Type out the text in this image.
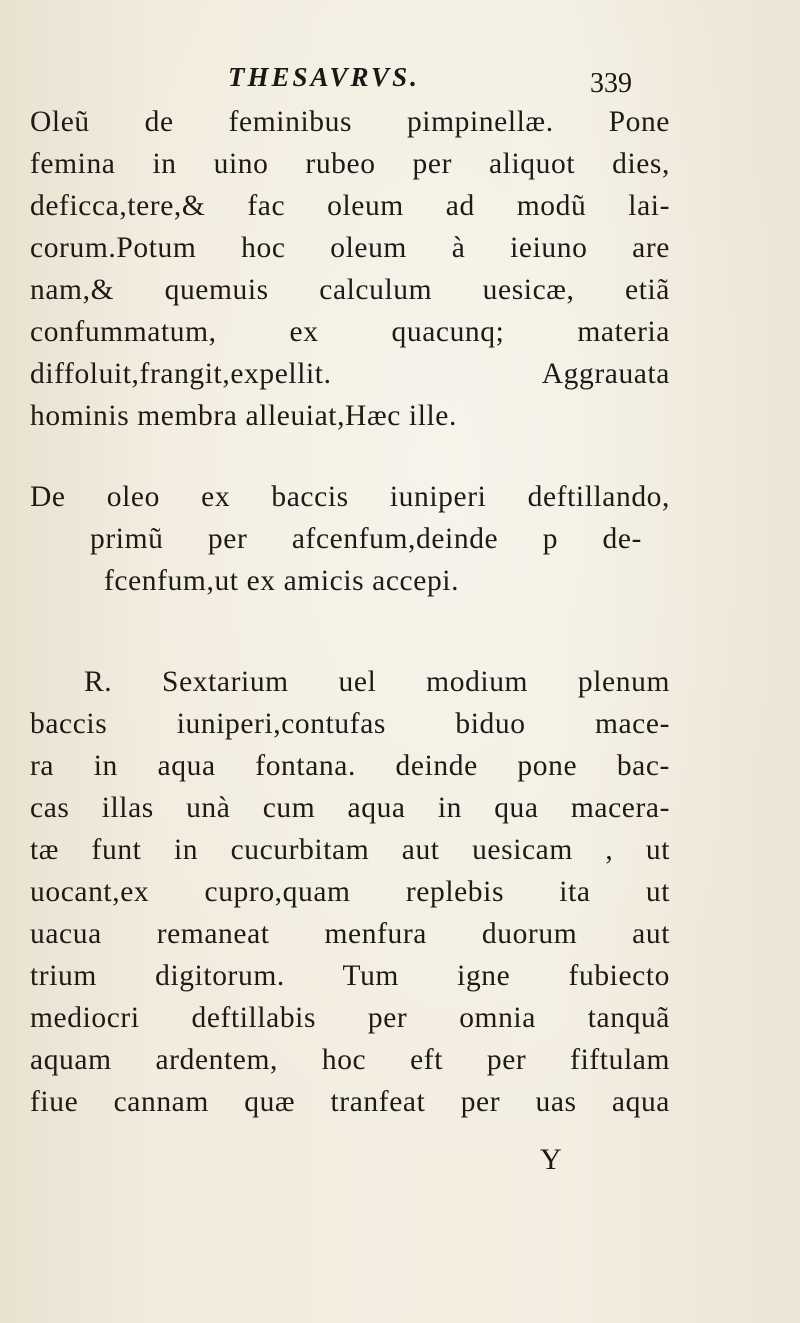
THESAVRVS.	339
Oleũ de feminibus pimpinellæ. Pone
femina in uino rubeo per aliquot dies,
deficca,tere,& fac oleum ad modũ lai-
corum.Potum hoc oleum à ieiuno are
nam,& quemuis calculum uesicæ, etiã
confummatum, ex quacunq; materia
diffoluit,frangit,expellit. Aggrauata
hominis membra alleuiat,Hæc ille.
De oleo ex baccis iuniperi deftillando,
primũ per afcenfum,deinde p de-
fcenfum,ut ex amicis accepi.
R. Sextarium uel modium plenum
baccis iuniperi,contufas biduo mace-
ra in aqua fontana. deinde pone bac-
cas illas unà cum aqua in qua macera-
tæ funt in cucurbitam aut uesicam , ut
uocant,ex cupro,quam replebis ita ut
uacua remaneat menfura duorum aut
trium digitorum. Tum igne fubiecto
mediocri deftillabis per omnia tanquã
aquam ardentem, hoc eft per fiftulam
fiue cannam quæ tranfeat per uas aqua
Y
